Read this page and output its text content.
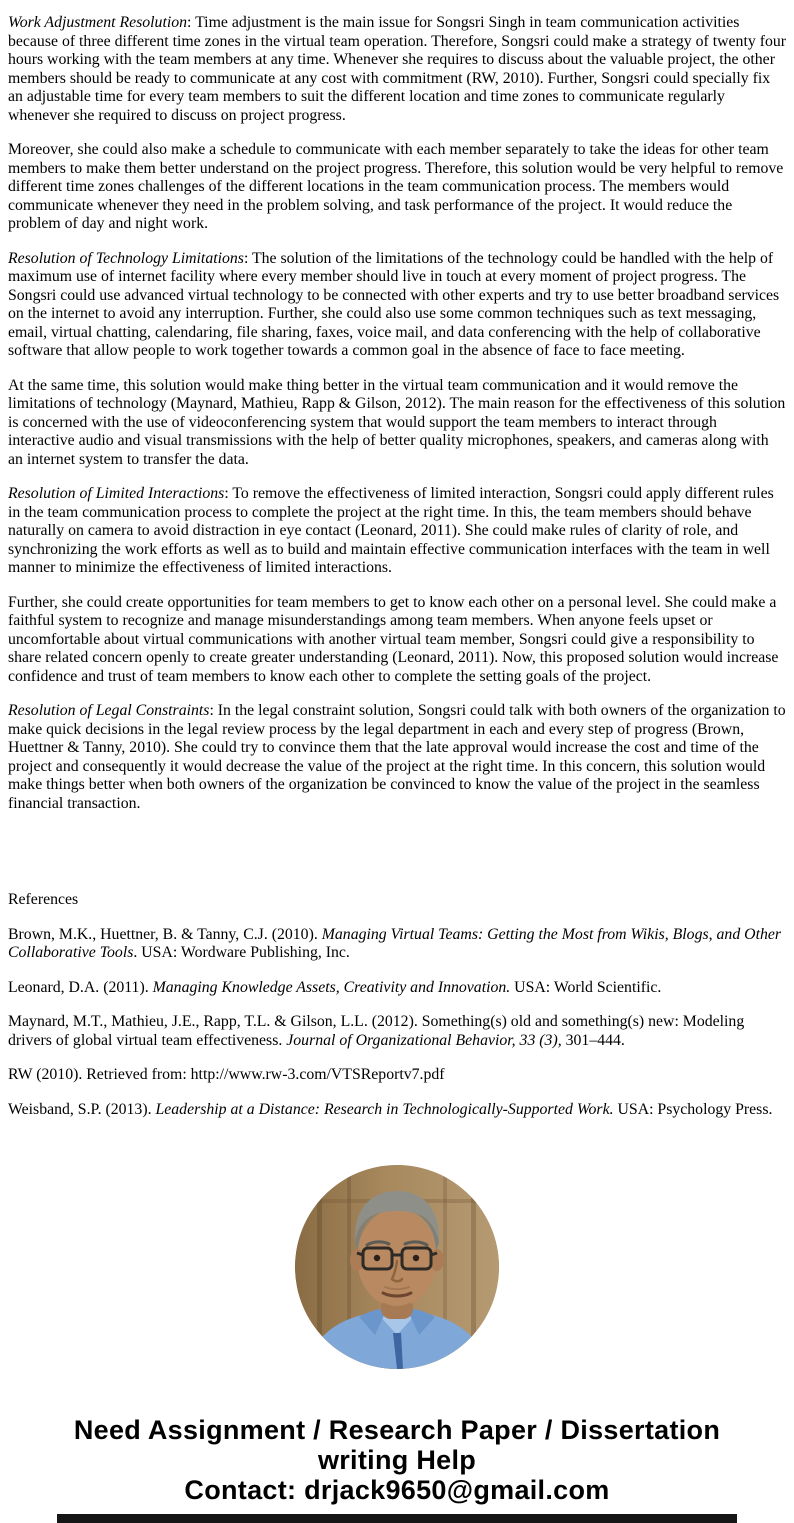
Work Adjustment Resolution: Time adjustment is the main issue for Songsri Singh in team communication activities because of three different time zones in the virtual team operation. Therefore, Songsri could make a strategy of twenty four hours working with the team members at any time. Whenever she requires to discuss about the valuable project, the other members should be ready to communicate at any cost with commitment (RW, 2010). Further, Songsri could specially fix an adjustable time for every team members to suit the different location and time zones to communicate regularly whenever she required to discuss on project progress.

Moreover, she could also make a schedule to communicate with each member separately to take the ideas for other team members to make them better understand on the project progress. Therefore, this solution would be very helpful to remove different time zones challenges of the different locations in the team communication process. The members would communicate whenever they need in the problem solving, and task performance of the project. It would reduce the problem of day and night work.

Resolution of Technology Limitations: The solution of the limitations of the technology could be handled with the help of maximum use of internet facility where every member should live in touch at every moment of project progress. The Songsri could use advanced virtual technology to be connected with other experts and try to use better broadband services on the internet to avoid any interruption. Further, she could also use some common techniques such as text messaging, email, virtual chatting, calendaring, file sharing, faxes, voice mail, and data conferencing with the help of collaborative software that allow people to work together towards a common goal in the absence of face to face meeting.

At the same time, this solution would make thing better in the virtual team communication and it would remove the limitations of technology (Maynard, Mathieu, Rapp & Gilson, 2012). The main reason for the effectiveness of this solution is concerned with the use of videoconferencing system that would support the team members to interact through interactive audio and visual transmissions with the help of better quality microphones, speakers, and cameras along with an internet system to transfer the data.

Resolution of Limited Interactions: To remove the effectiveness of limited interaction, Songsri could apply different rules in the team communication process to complete the project at the right time. In this, the team members should behave naturally on camera to avoid distraction in eye contact (Leonard, 2011). She could make rules of clarity of role, and synchronizing the work efforts as well as to build and maintain effective communication interfaces with the team in well manner to minimize the effectiveness of limited interactions.

Further, she could create opportunities for team members to get to know each other on a personal level. She could make a faithful system to recognize and manage misunderstandings among team members. When anyone feels upset or uncomfortable about virtual communications with another virtual team member, Songsri could give a responsibility to share related concern openly to create greater understanding (Leonard, 2011). Now, this proposed solution would increase confidence and trust of team members to know each other to complete the setting goals of the project.

Resolution of Legal Constraints: In the legal constraint solution, Songsri could talk with both owners of the organization to make quick decisions in the legal review process by the legal department in each and every step of progress (Brown, Huettner & Tanny, 2010). She could try to convince them that the late approval would increase the cost and time of the project and consequently it would decrease the value of the project at the right time. In this concern, this solution would make things better when both owners of the organization be convinced to know the value of the project in the seamless financial transaction.

References

Brown, M.K., Huettner, B. & Tanny, C.J. (2010). Managing Virtual Teams: Getting the Most from Wikis, Blogs, and Other Collaborative Tools. USA: Wordware Publishing, Inc.

Leonard, D.A. (2011). Managing Knowledge Assets, Creativity and Innovation. USA: World Scientific.

Maynard, M.T., Mathieu, J.E., Rapp, T.L. & Gilson, L.L. (2012). Something(s) old and something(s) new: Modeling drivers of global virtual team effectiveness. Journal of Organizational Behavior, 33 (3), 301–444.

RW (2010). Retrieved from: http://www.rw-3.com/VTSReportv7.pdf

Weisband, S.P. (2013). Leadership at a Distance: Research in Technologically-Supported Work. USA: Psychology Press.

Need Assignment / Research Paper / Dissertation writing Help
Contact: drjack9650@gmail.com
